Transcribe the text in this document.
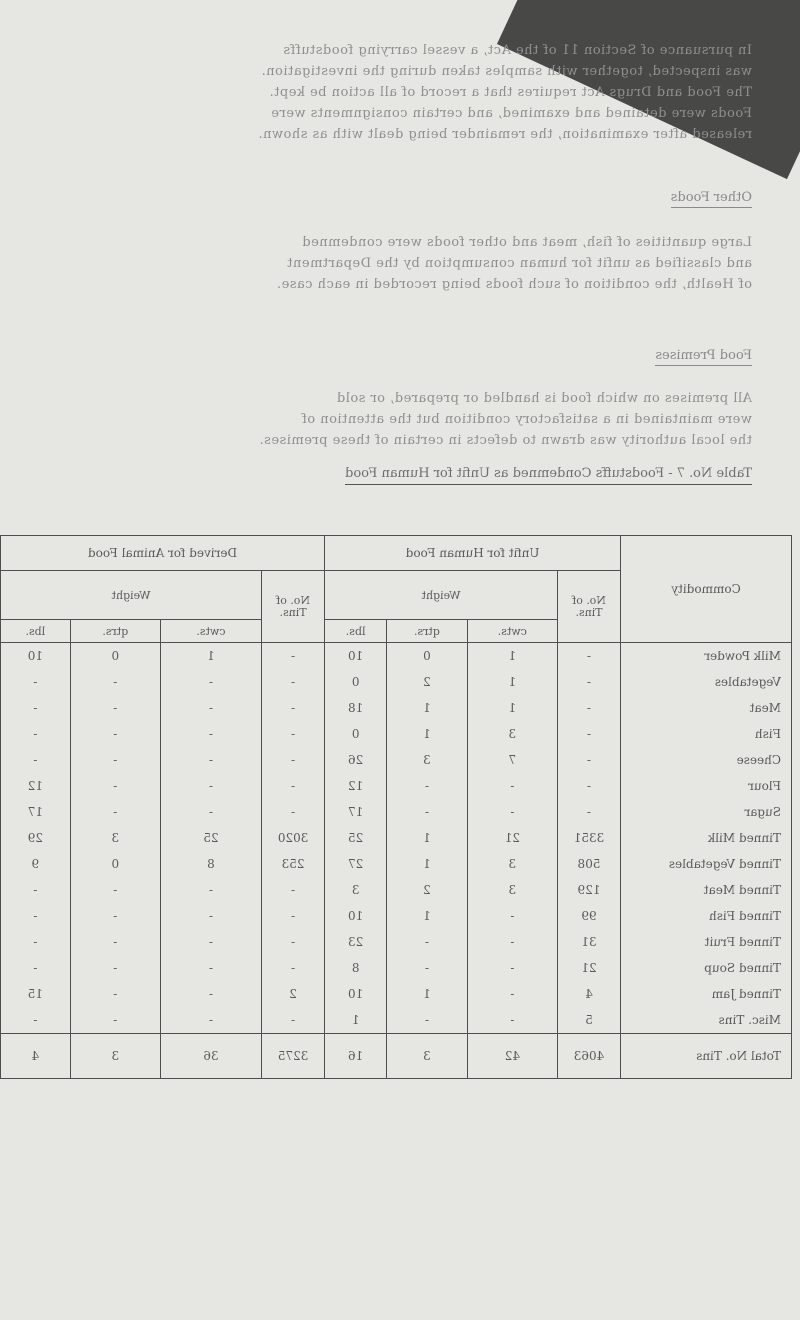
In pursuance of Section 11 of the Act, a vessel carrying foodstuffs

was inspected, together with samples taken during the investigation.

The Food and Drugs Act requires that a record of all action be kept.

Foods were detained and examined, and certain consignments were

released after examination, the remainder being dealt with as shown.

Other Foods

Large quantities of fish, meat and other foods were condemned

and classified as unfit for human consumption by the Department

of Health, the condition of such foods being recorded in each case.

Food Premises

All premises on which food is handled or prepared, or sold

were maintained in a satisfactory condition but the attention of

the local authority was drawn to defects in certain of these premises.

Table No. 7 - Foodstuffs Condemned as Unfit for Human Food
Commodity	Unfit for Human Food				Derived for Animal Food			
	No. of Tins.	Weight			No. of Tins.	Weight		
		cwts.	qtrs.	lbs.		cwts.	qtrs.	lbs.
Milk Powder	-	1	0	10	-	1	0	10
Vegetables	-	1	2	0	-	-	-	-
Meat	-	1	1	18	-	-	-	-
Fish	-	3	1	0	-	-	-	-
Cheese	-	7	3	26	-	-	-	-
Flour	-	-	-	12	-	-	-	12
Sugar	-	-	-	17	-	-	-	17
Tinned Milk	3351	21	1	25	3020	25	3	29
Tinned Vegetables	508	3	1	27	253	8	0	9
Tinned Meat	129	3	2	3	-	-	-	-
Tinned Fish	99	-	1	10	-	-	-	-
Tinned Fruit	31	-	-	23	-	-	-	-
Tinned Soup	21	-	-	8	-	-	-	-
Tinned Jam	4	-	1	10	2	-	-	15
Misc. Tins	5	-	-	1	-	-	-	-
Total No. Tins	4063	42	3	16	3275	36	3	4
